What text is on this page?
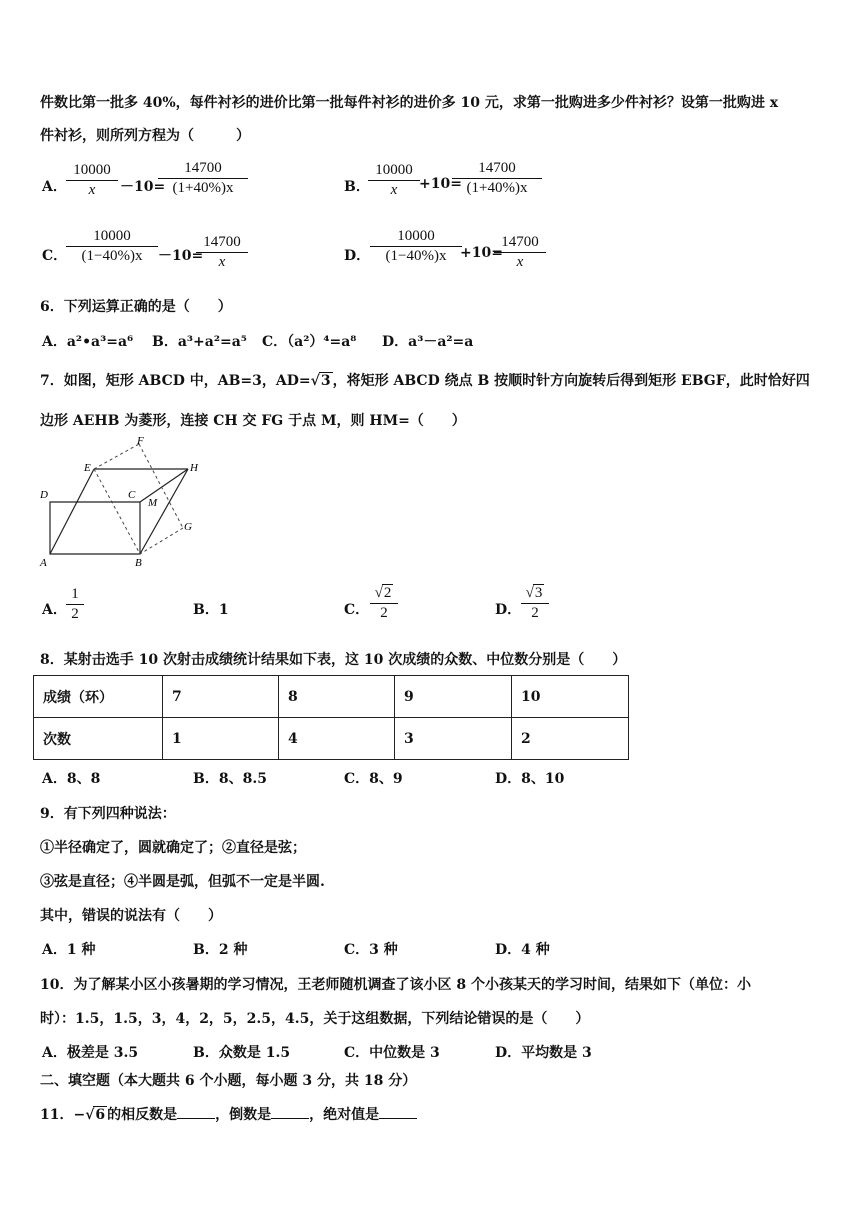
件数比第一批多 40%，每件衬衫的进价比第一批每件衬衫的进价多 10 元，求第一批购进多少件衬衫？设第一批购进 x
件衬衫，则所列方程为（　　　）
A．
10000
x	－10=
14700
(1+40%)x	B．
10000
x	+10=
14700
(1+40%)x
C．
10000
(1−40%)x	－10=
14700
x	D．
10000
(1−40%)x +10=
14700
x
6．下列运算正确的是（　　）
A．a²•a³=a⁶ B．a³+a²=a⁵ C．（a²）⁴=a⁸ D．a³－a²=a
7．如图，矩形 ABCD 中，AB=3，AD=√3 ，将矩形 ABCD 绕点 B 按顺时针方向旋转后得到矩形 EBGF，此时恰好四
边形 AEHB 为菱形，连接 CH 交 FG 于点 M，则 HM=（　　）
A	B
C
D
E
F
G
H
M
A．
1
2	B．1	C．
√2
2	D．
√3
2
8．某射击选手 10 次射击成绩统计结果如下表，这 10 次成绩的众数、中位数分别是（　　）
成绩（环）	7	8	9	10
次数	1	4	3	2
A．8、8	B．8、8.5	C．8、9	D．8、10
9．有下列四种说法：
①半径确定了，圆就确定了；②直径是弦；
③弦是直径；④半圆是弧，但弧不一定是半圆.
其中，错误的说法有（　　）
A．1 种	B．2 种	C．3 种	D．4 种
10．为了解某小区小孩暑期的学习情况，王老师随机调查了该小区 8 个小孩某天的学习时间，结果如下（单位：小
时）：1.5，1.5，3，4，2，5，2.5，4.5，关于这组数据，下列结论错误的是（　　）
A．极差是 3.5	B．众数是 1.5	C．中位数是 3	D．平均数是 3
二、填空题（本大题共 6 个小题，每小题 3 分，共 18 分）
11．−√6 的相反数是	，倒数是	，绝对值是
